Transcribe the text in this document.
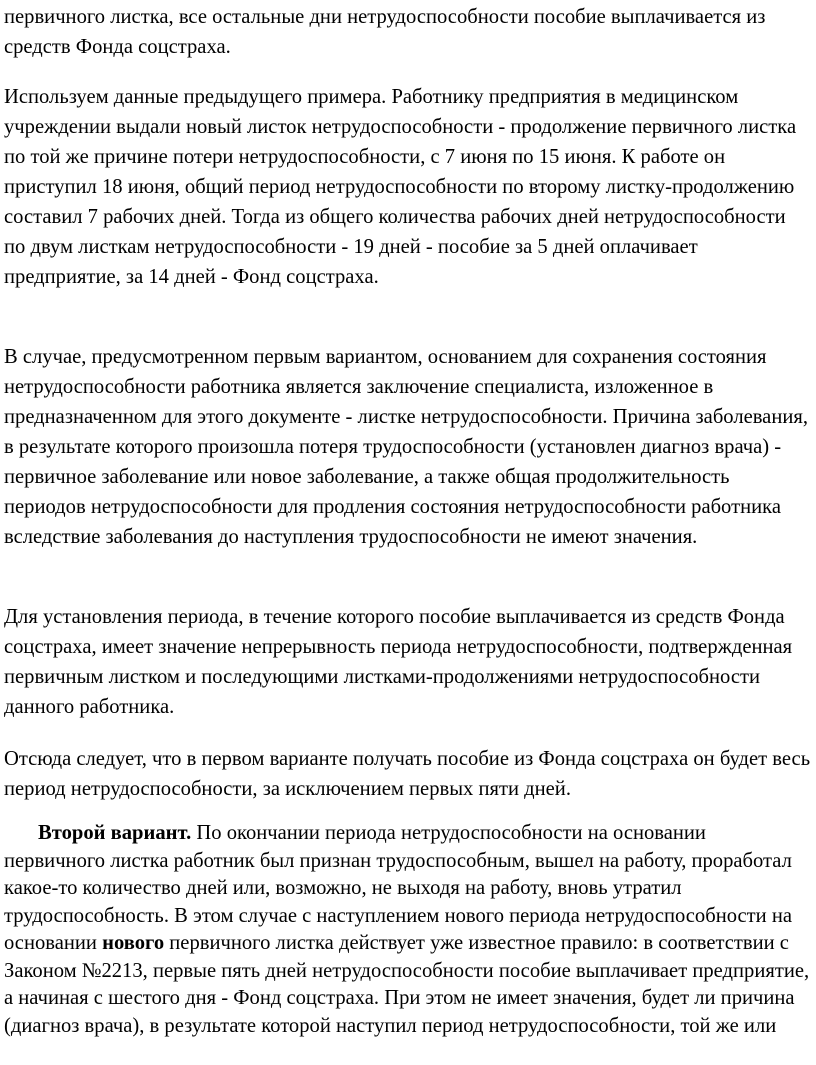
первичного листка, все остальные дни нетрудоспособности пособие выплачивается из средств Фонда соцстраха.

Используем данные предыдущего примера. Работнику предприятия в медицинском учреждении выдали новый листок нетрудоспособности - продолжение первичного листка по той же причине потери нетрудоспособности, с 7 июня по 15 июня. К работе он приступил 18 июня, общий период нетрудоспособности по второму листку-продолжению составил 7 рабочих дней. Тогда из общего количества рабочих дней нетрудоспособности по двум листкам нетрудоспособности - 19 дней - пособие за 5 дней оплачивает предприятие, за 14 дней - Фонд соцстраха.

В случае, предусмотренном первым вариантом, основанием для сохранения состояния нетрудоспособности работника является заключение специалиста, изложенное в предназначенном для этого документе - листке нетрудоспособности. Причина заболевания, в результате которого произошла потеря трудоспособности (установлен диагноз врача) - первичное заболевание или новое заболевание, а также общая продолжительность периодов нетрудоспособности для продления состояния нетрудоспособности работника вследствие заболевания до наступления трудоспособности не имеют значения.

Для установления периода, в течение которого пособие выплачивается из средств Фонда соцстраха, имеет значение непрерывность периода нетрудоспособности, подтвержденная первичным листком и последующими листками-продолжениями нетрудоспособности данного работника.

Отсюда следует, что в первом варианте получать пособие из Фонда соцстраха он будет весь период нетрудоспособности, за исключением первых пяти дней.

Второй вариант. По окончании периода нетрудоспособности на основании первичного листка работник был признан трудоспособным, вышел на работу, проработал какое-то количество дней или, возможно, не выходя на работу, вновь утратил трудоспособность. В этом случае с наступлением нового периода нетрудоспособности на основании нового первичного листка действует уже известное правило: в соответствии с Законом №2213, первые пять дней нетрудоспособности пособие выплачивает предприятие, а начиная с шестого дня - Фонд соцстраха. При этом не имеет значения, будет ли причина (диагноз врача), в результате которой наступил период нетрудоспособности, той же или
